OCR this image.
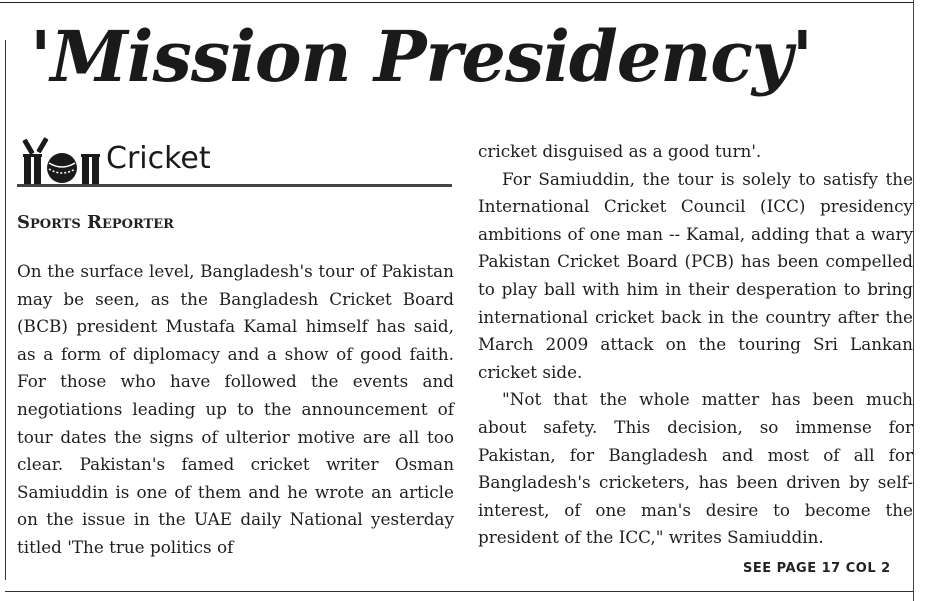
'Mission Presidency'
Cricket
Sports Reporter

On the surface level, Bangladesh's tour of Pakistan may be seen, as the Bangladesh Cricket Board (BCB) president Mustafa Kamal himself has said, as a form of diplomacy and a show of good faith. For those who have followed the events and negotiations leading up to the announcement of tour dates the signs of ulterior motive are all too clear. Pakistan's famed cricket writer Osman Samiuddin is one of them and he wrote an article on the issue in the UAE daily National yesterday titled 'The true politics of

cricket disguised as a good turn'.

For Samiuddin, the tour is solely to satisfy the International Cricket Council (ICC) presidency ambitions of one man -- Kamal, adding that a wary Pakistan Cricket Board (PCB) has been compelled to play ball with him in their desperation to bring international cricket back in the country after the March 2009 attack on the touring Sri Lankan cricket side.

"Not that the whole matter has been much about safety. This decision, so immense for Pakistan, for Bangladesh and most of all for Bangladesh's cricketers, has been driven by self-interest, of one man's desire to become the president of the ICC," writes Samiuddin.

SEE PAGE 17 COL 2
